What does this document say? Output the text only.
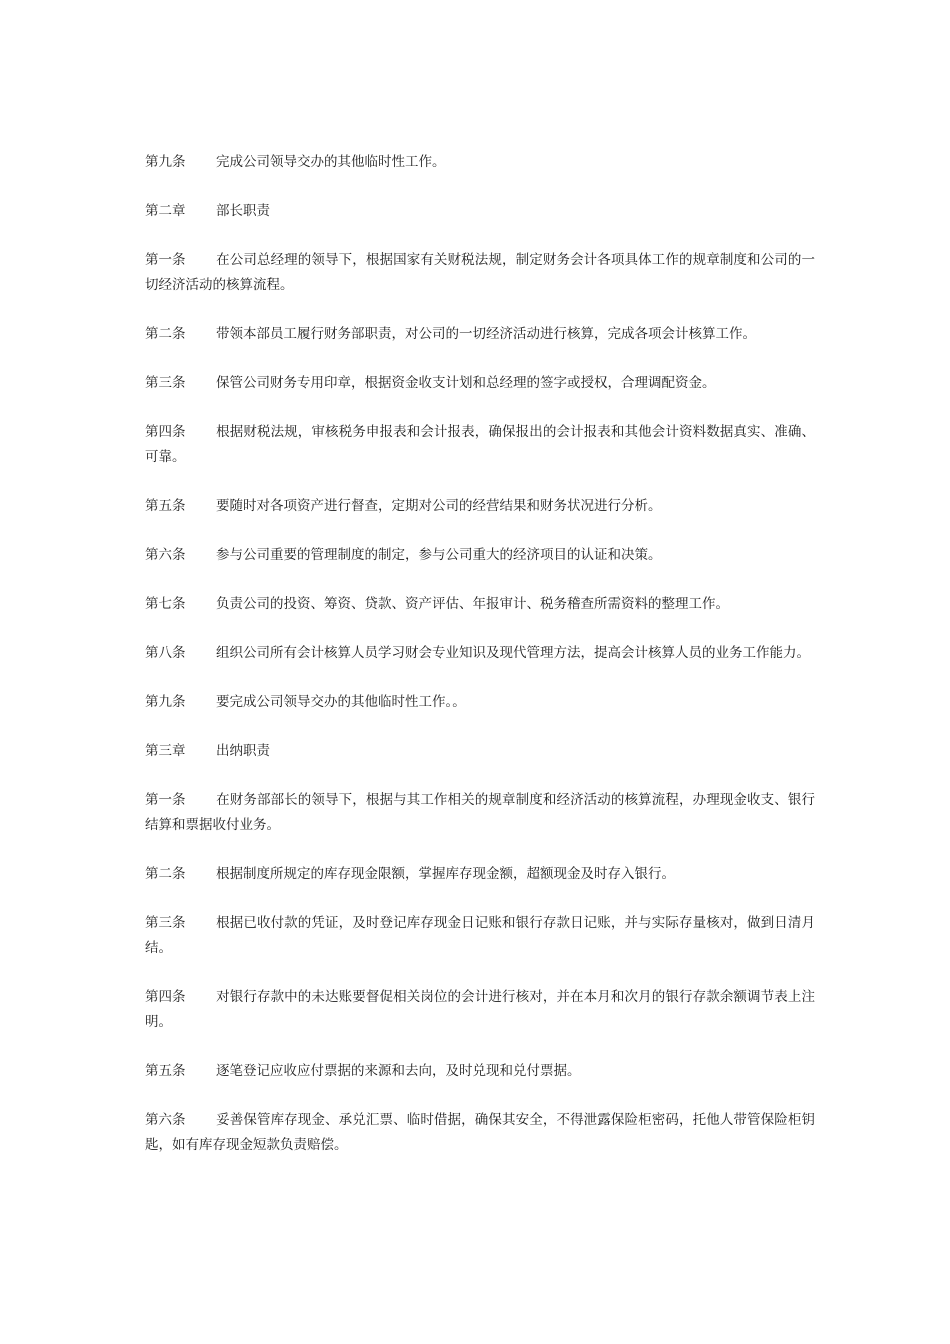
第九条 完成公司领导交办的其他临时性工作。

第二章 部长职责

第一条 在公司总经理的领导下，根据国家有关财税法规，制定财务会计各项具体工作的规章制度和公司的一切经济活动的核算流程。

第二条 带领本部员工履行财务部职责，对公司的一切经济活动进行核算，完成各项会计核算工作。

第三条 保管公司财务专用印章，根据资金收支计划和总经理的签字或授权，合理调配资金。

第四条 根据财税法规，审核税务申报表和会计报表，确保报出的会计报表和其他会计资料数据真实、准确、可靠。

第五条 要随时对各项资产进行督查，定期对公司的经营结果和财务状况进行分析。

第六条 参与公司重要的管理制度的制定，参与公司重大的经济项目的认证和决策。

第七条 负责公司的投资、筹资、贷款、资产评估、年报审计、税务稽查所需资料的整理工作。

第八条 组织公司所有会计核算人员学习财会专业知识及现代管理方法，提高会计核算人员的业务工作能力。

第九条 要完成公司领导交办的其他临时性工作。。

第三章 出纳职责

第一条 在财务部部长的领导下，根据与其工作相关的规章制度和经济活动的核算流程，办理现金收支、银行结算和票据收付业务。

第二条 根据制度所规定的库存现金限额，掌握库存现金额，超额现金及时存入银行。

第三条 根据已收付款的凭证，及时登记库存现金日记账和银行存款日记账，并与实际存量核对，做到日清月结。

第四条 对银行存款中的未达账要督促相关岗位的会计进行核对，并在本月和次月的银行存款余额调节表上注明。

第五条 逐笔登记应收应付票据的来源和去向，及时兑现和兑付票据。

第六条 妥善保管库存现金、承兑汇票、临时借据，确保其安全，不得泄露保险柜密码，托他人带管保险柜钥匙，如有库存现金短款负责赔偿。
